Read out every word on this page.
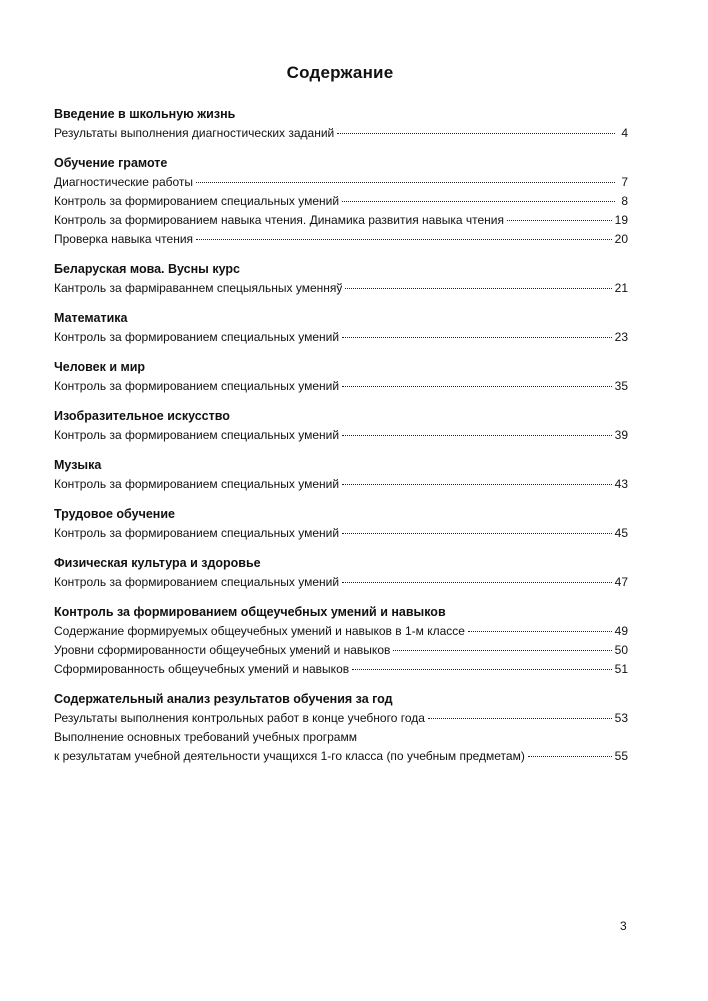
Содержание
Введение в школьную жизнь
Результаты выполнения диагностических заданий	4
Обучение грамоте
Диагностические работы	7
Контроль за формированием специальных умений	8
Контроль за формированием навыка чтения. Динамика развития навыка чтения	19
Проверка навыка чтения	20
Беларуская мова. Вусны курс
Кантроль за фарміраваннем спецыяльных уменняў	21
Математика
Контроль за формированием специальных умений	23
Человек и мир
Контроль за формированием специальных умений	35
Изобразительное искусство
Контроль за формированием специальных умений	39
Музыка
Контроль за формированием специальных умений	43
Трудовое обучение
Контроль за формированием специальных умений	45
Физическая культура и здоровье
Контроль за формированием специальных умений	47
Контроль за формированием общеучебных умений и навыков
Содержание формируемых общеучебных умений и навыков в 1-м классе	49
Уровни сформированности общеучебных умений и навыков	50
Сформированность общеучебных умений и навыков	51
Содержательный анализ результатов обучения за год
Результаты выполнения контрольных работ в конце учебного года	53
Выполнение основных требований учебных программ
к результатам учебной деятельности учащихся 1-го класса (по учебным предметам)	55
3
